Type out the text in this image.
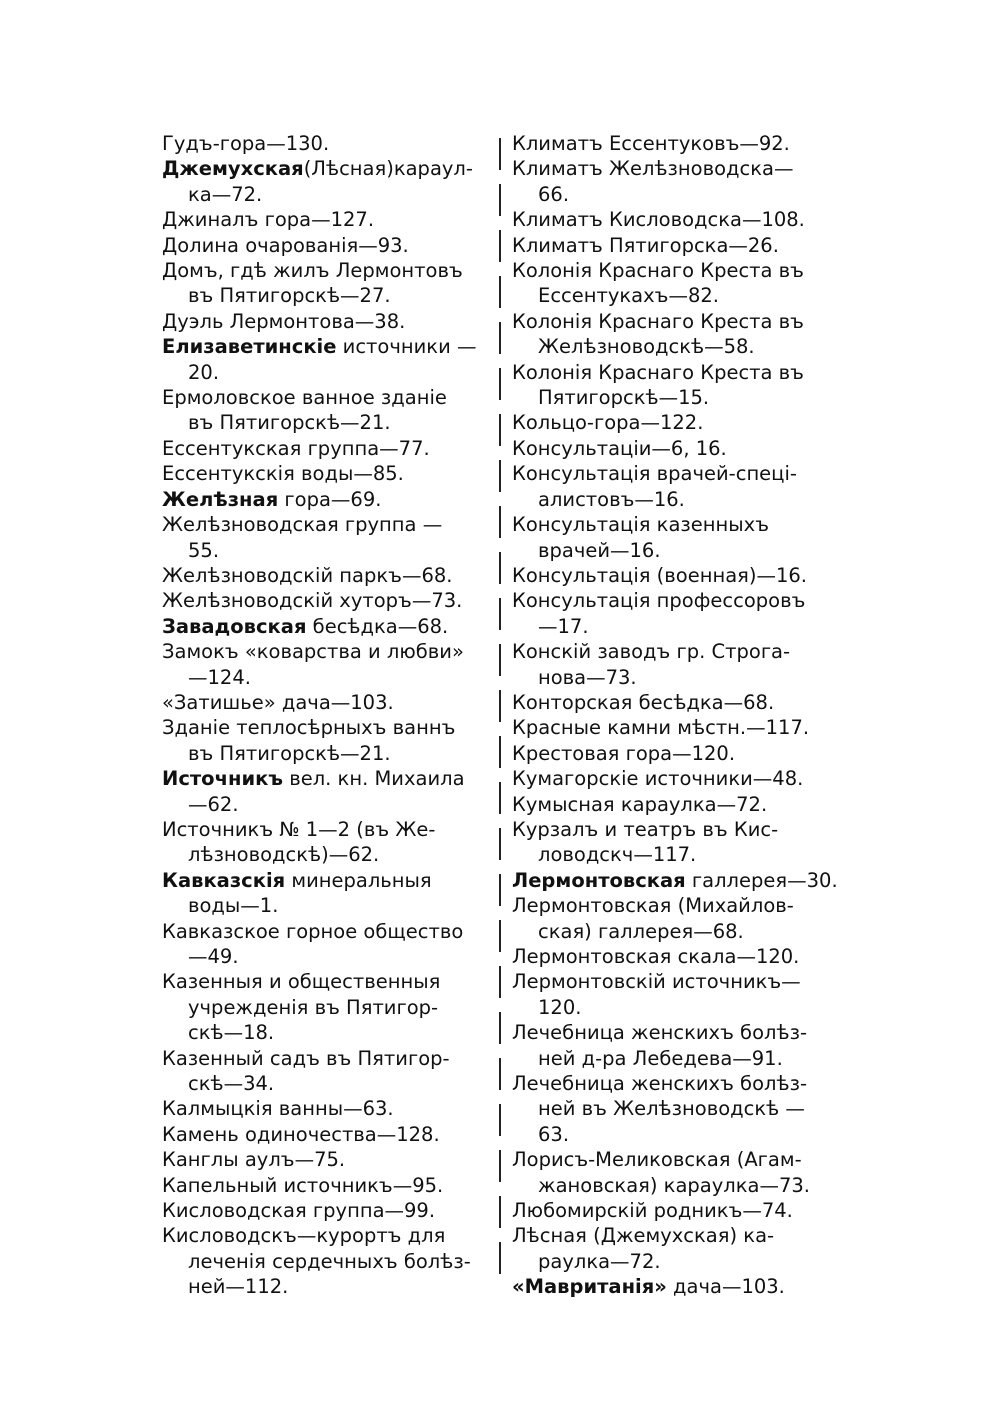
Гудъ-гора—130.

Джемухская(Лѣсная)караул-
ка—72.

Джиналъ гора—127.

Долина очарованія—93.

Домъ, гдѣ жилъ Лермонтовъ
въ Пятигорскѣ—27.

Дуэль Лермонтова—38.

Елизаветинскіе источники —
20.

Ермоловское ванное зданіе
въ Пятигорскѣ—21.

Ессентукская группа—77.

Ессентукскія воды—85.

Желѣзная гора—69.

Желѣзноводская группа —
55.

Желѣзноводскій паркъ—68.

Желѣзноводскій хуторъ—73.

Завадовская бесѣдка—68.

Замокъ «коварства и любви»
—124.

«Затишье» дача—103.

Зданіе теплосѣрныхъ ваннъ
въ Пятигорскѣ—21.

Источникъ вел. кн. Михаила
—62.

Источникъ № 1—2 (въ Же-
лѣзноводскѣ)—62.

Кавказскія минеральныя
воды—1.

Кавказское горное общество
—49.

Казенныя и общественныя
учрежденія въ Пятигор-
скѣ—18.

Казенный садъ въ Пятигор-
скѣ—34.

Калмыцкія ванны—63.

Камень одиночества—128.

Канглы аулъ—75.

Капельный источникъ—95.

Кисловодская группа—99.

Кисловодскъ—курортъ для
леченія сердечныхъ болѣз-
ней—112.

Климатъ Ессентуковъ—92.

Климатъ Желѣзноводска—
66.

Климатъ Кисловодска—108.

Климатъ Пятигорска—26.

Колонія Краснаго Креста въ
Ессентукахъ—82.

Колонія Краснаго Креста въ
Желѣзноводскѣ—58.

Колонія Краснаго Креста въ
Пятигорскѣ—15.

Кольцо-гора—122.

Консультаціи—6, 16.

Консультація врачей-спеці-
алистовъ—16.

Консультація казенныхъ
врачей—16.

Консультація (военная)—16.

Консультація профессоровъ
—17.

Конскій заводъ гр. Строга-
нова—73.

Конторская бесѣдка—68.

Красные камни мѣстн.—117.

Крестовая гора—120.

Кумагорскіе источники—48.

Кумысная караулка—72.

Курзалъ и театръ въ Кис-
ловодскч—117.

Лермонтовская галлерея—30.

Лермонтовская (Михайлов-
ская) галлерея—68.

Лермонтовская скала—120.

Лермонтовскій источникъ—
120.

Лечебница женскихъ болѣз-
ней д-ра Лебедева—91.

Лечебница женскихъ болѣз-
ней въ Желѣзноводскѣ —
63.

Лорисъ-Меликовская (Агам-
жановская) караулка—73.

Любомирскій родникъ—74.

Лѣсная (Джемухская) ка-
раулка—72.

«Мавританія» дача—103.
